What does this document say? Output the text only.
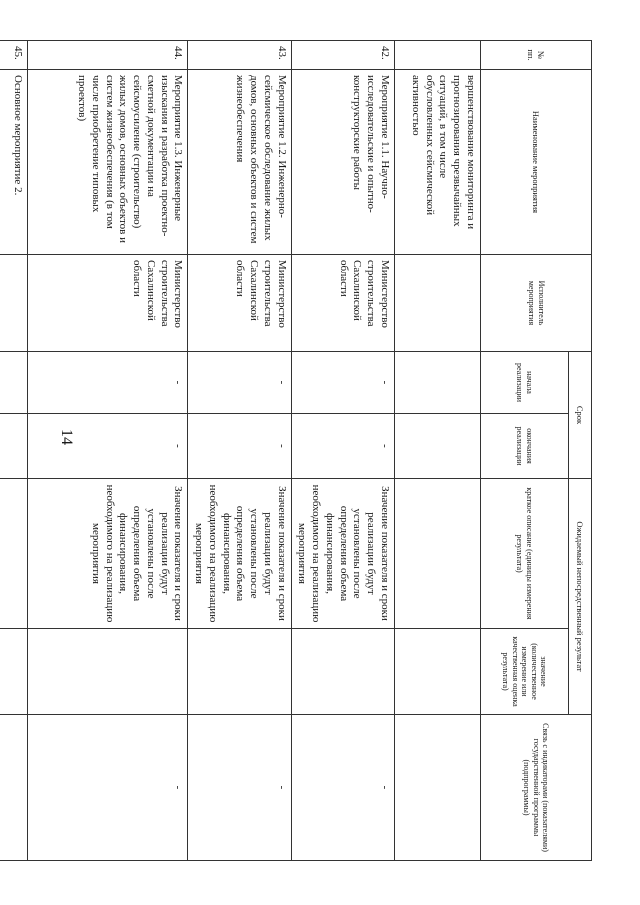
14
№ пп.	Наименование мероприятия	Исполнитель мероприятия	Срок		Ожидаемый непосредственный результат		Связь с индикаторами (показателями) государственной программы (подпрограммы)
			начала реализации	окончания реализации	краткое описание (единицы измерения результата)	значение (количественное измерение или качественная оценка результата)	
	вершенствование мониторинга и прогнозирования чрезвычайных ситуаций, в том числе обусловленных сейсмической активностью						
42.	Мероприятие 1.1. Научно-исследовательские и опытно-конструкторские работы	Министерство строительства Сахалинской области	-	-	Значение показателя и сроки реализации будут установлены после определения объема финансирования, необходимого на реализацию мероприятия		-
43.	Мероприятие 1.2. Инженерно-сейсмическое обследование жилых домов, основных объектов и систем жизнеобеспечения	Министерство строительства Сахалинской области	-	-	Значение показателя и сроки реализации будут установлены после определения объема финансирования, необходимого на реализацию мероприятия		-
44.	Мероприятие 1.3. Инженерные изыскания и разработка проектно-сметной документации на сейсмоусиление (строительство) жилых домов, основных объектов и систем жизнеобеспечения (в том числе приобретение типовых проектов)	Министерство строительства Сахалинской области	-	-	Значение показателя и сроки реализации будут установлены после определения объема финансирования, необходимого на реализацию мероприятия		-
45.	Основное мероприятие 2.						
